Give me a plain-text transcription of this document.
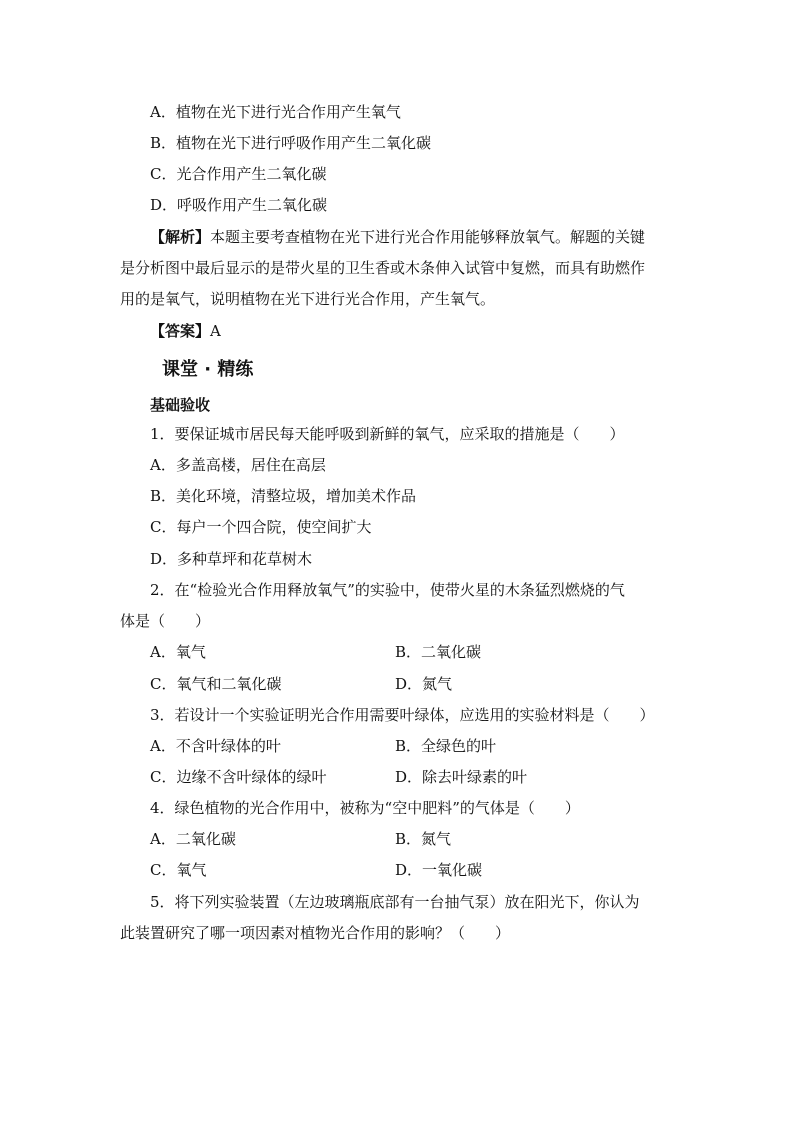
A．植物在光下进行光合作用产生氧气
B．植物在光下进行呼吸作用产生二氧化碳
C．光合作用产生二氧化碳
D．呼吸作用产生二氧化碳
【解析】本题主要考查植物在光下进行光合作用能够释放氧气。解题的关键
是分析图中最后显示的是带火星的卫生香或木条伸入试管中复燃，而具有助燃作
用的是氧气，说明植物在光下进行光合作用，产生氧气。
【答案】A
课堂 · 精练
基础验收
1．要保证城市居民每天能呼吸到新鲜的氧气，应采取的措施是（　　）
A．多盖高楼，居住在高层
B．美化环境，清整垃圾，增加美术作品
C．每户一个四合院，使空间扩大
D．多种草坪和花草树木
2．在“检验光合作用释放氧气”的实验中，使带火星的木条猛烈燃烧的气
体是（　　）
A．氧气	B．二氧化碳
C．氧气和二氧化碳	D．氮气
3．若设计一个实验证明光合作用需要叶绿体，应选用的实验材料是（　　）
A．不含叶绿体的叶	B．全绿色的叶
C．边缘不含叶绿体的绿叶	D．除去叶绿素的叶
4．绿色植物的光合作用中，被称为“空中肥料”的气体是（　　）
A．二氧化碳	B．氮气
C．氧气	D．一氧化碳
5．将下列实验装置（左边玻璃瓶底部有一台抽气泵）放在阳光下，你认为
此装置研究了哪一项因素对植物光合作用的影响？（　　）
